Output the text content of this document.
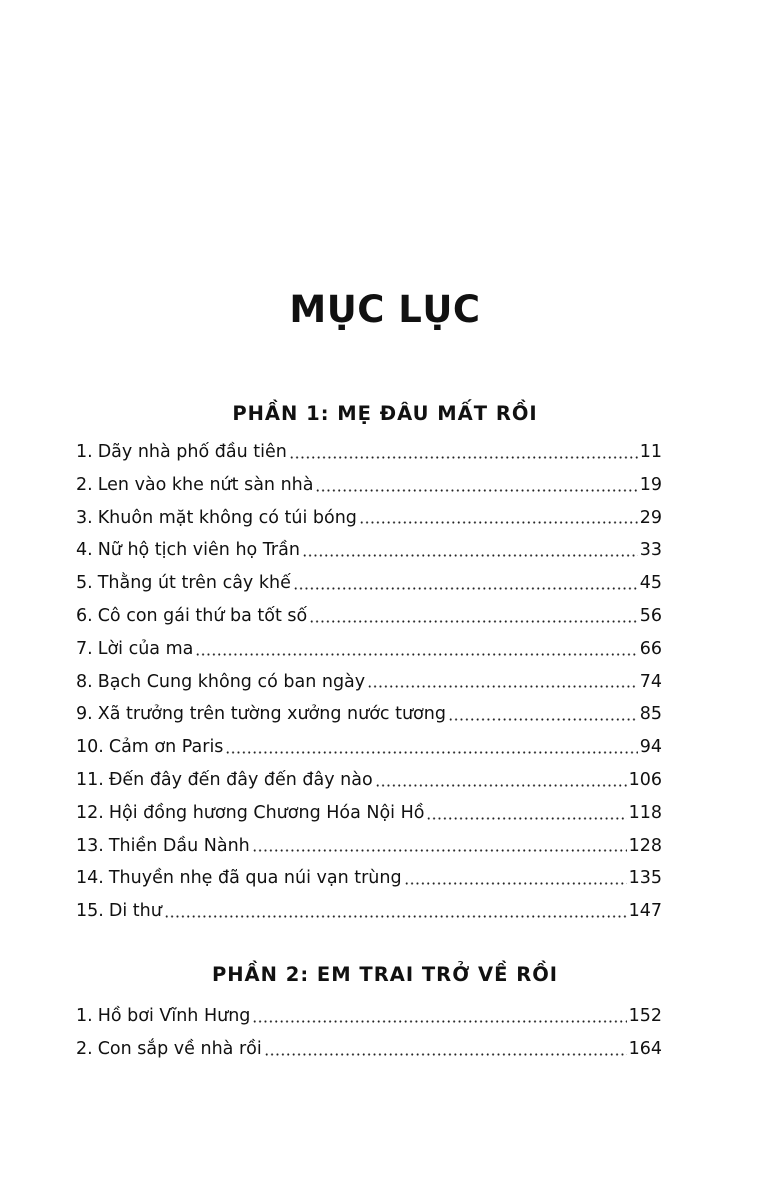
MỤC LỤC
PHẦN 1: MẸ ĐÂU MẤT RỒI
1. Dãy nhà phố đầu tiên	11
2. Len vào khe nứt sàn nhà	19
3. Khuôn mặt không có túi bóng	29
4. Nữ hộ tịch viên họ Trần	33
5. Thằng út trên cây khế	45
6. Cô con gái thứ ba tốt số	56
7. Lời của ma	66
8. Bạch Cung không có ban ngày	74
9. Xã trưởng trên tường xưởng nước tương	85
10. Cảm ơn Paris	94
11. Đến đây đến đây đến đây nào	106
12. Hội đồng hương Chương Hóa Nội Hồ	118
13. Thiền Dầu Nành	128
14. Thuyền nhẹ đã qua núi vạn trùng	135
15. Di thư	147
PHẦN 2: EM TRAI TRỞ VỀ RỒI
1. Hồ bơi Vĩnh Hưng	152
2. Con sắp về nhà rồi	164
